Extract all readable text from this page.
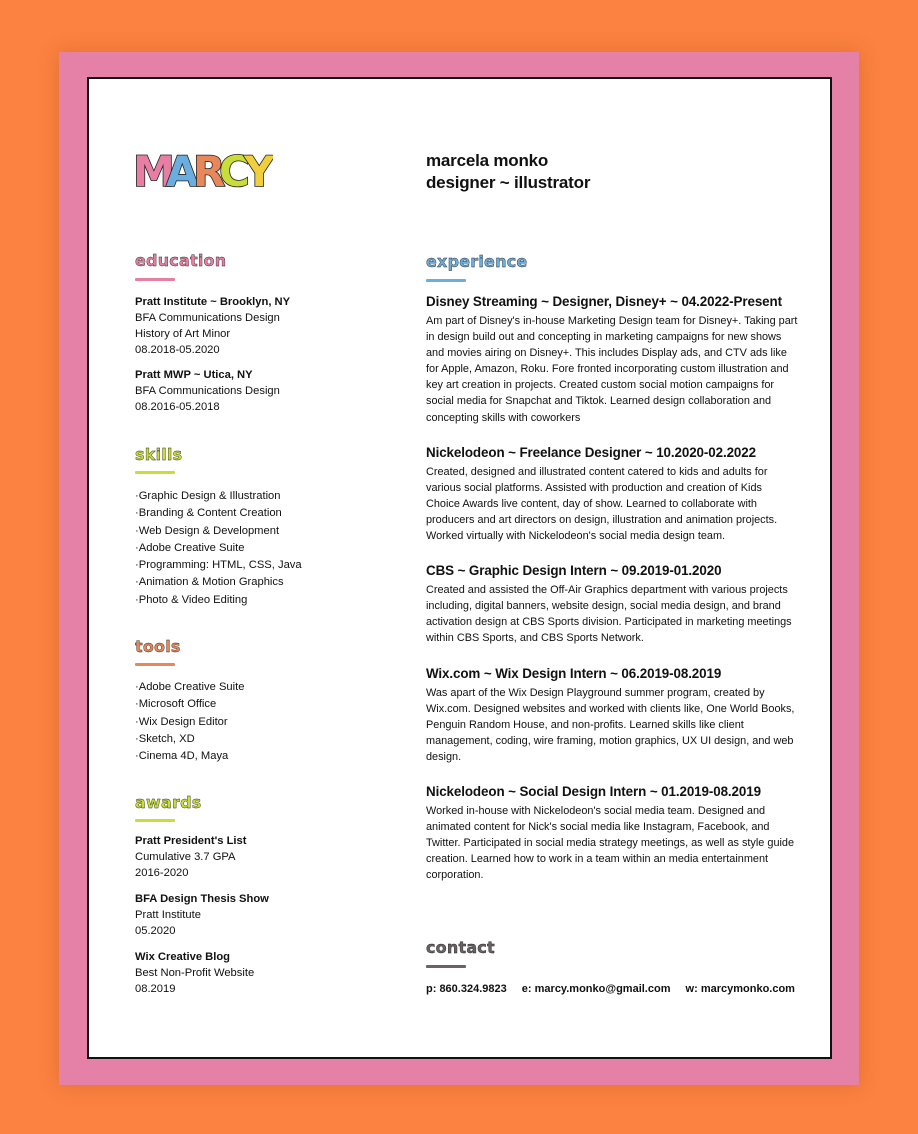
M
A
R
C
Y	marcela monko
designer ~ illustrator
education
Pratt Institute ~ Brooklyn, NY
BFA Communications Design
History of Art Minor
08.2018-05.2020
Pratt MWP ~ Utica, NY
BFA Communications Design
08.2016-05.2018
skills
·Graphic Design & Illustration
·Branding & Content Creation
·Web Design & Development
·Adobe Creative Suite
·Programming: HTML, CSS, Java
·Animation & Motion Graphics
·Photo & Video Editing
tools
·Adobe Creative Suite
·Microsoft Office
·Wix Design Editor
·Sketch, XD
·Cinema 4D, Maya
awards
Pratt President's List
Cumulative 3.7 GPA
2016-2020
BFA Design Thesis Show
Pratt Institute
05.2020
Wix Creative Blog
Best Non-Profit Website
08.2019
experience
Disney Streaming ~ Designer, Disney+ ~ 04.2022-Present
Am part of Disney's in-house Marketing Design team for Disney+. Taking part in design build out and concepting in marketing campaigns for new shows and movies airing on Disney+. This includes Display ads, and CTV ads like for Apple, Amazon, Roku. Fore fronted incorporating custom illustration and key art creation in projects. Created custom social motion campaigns for social media for Snapchat and Tiktok. Learned design collaboration and concepting skills with coworkers
Nickelodeon ~ Freelance Designer ~ 10.2020-02.2022
Created, designed and illustrated content catered to kids and adults for various social platforms. Assisted with production and creation of Kids Choice Awards live content, day of show. Learned to collaborate with producers and art directors on design, illustration and animation projects. Worked virtually with Nickelodeon's social media design team.
CBS ~ Graphic Design Intern ~ 09.2019-01.2020
Created and assisted the Off-Air Graphics department with various projects including, digital banners, website design, social media design, and brand activation design at CBS Sports division. Participated in marketing meetings within CBS Sports, and CBS Sports Network.
Wix.com ~ Wix Design Intern ~ 06.2019-08.2019
Was apart of the Wix Design Playground summer program, created by Wix.com. Designed websites and worked with clients like, One World Books, Penguin Random House, and non-profits. Learned skills like client management, coding, wire framing, motion graphics, UX UI design, and web design.
Nickelodeon ~ Social Design Intern ~ 01.2019-08.2019
Worked in-house with Nickelodeon's social media team. Designed and animated content for Nick's social media like Instagram, Facebook, and Twitter. Participated in social media strategy meetings, as well as style guide creation. Learned how to work in a team within an media entertainment corporation.
contact
p: 860.324.9823 e: marcy.monko@gmail.com w: marcymonko.com
